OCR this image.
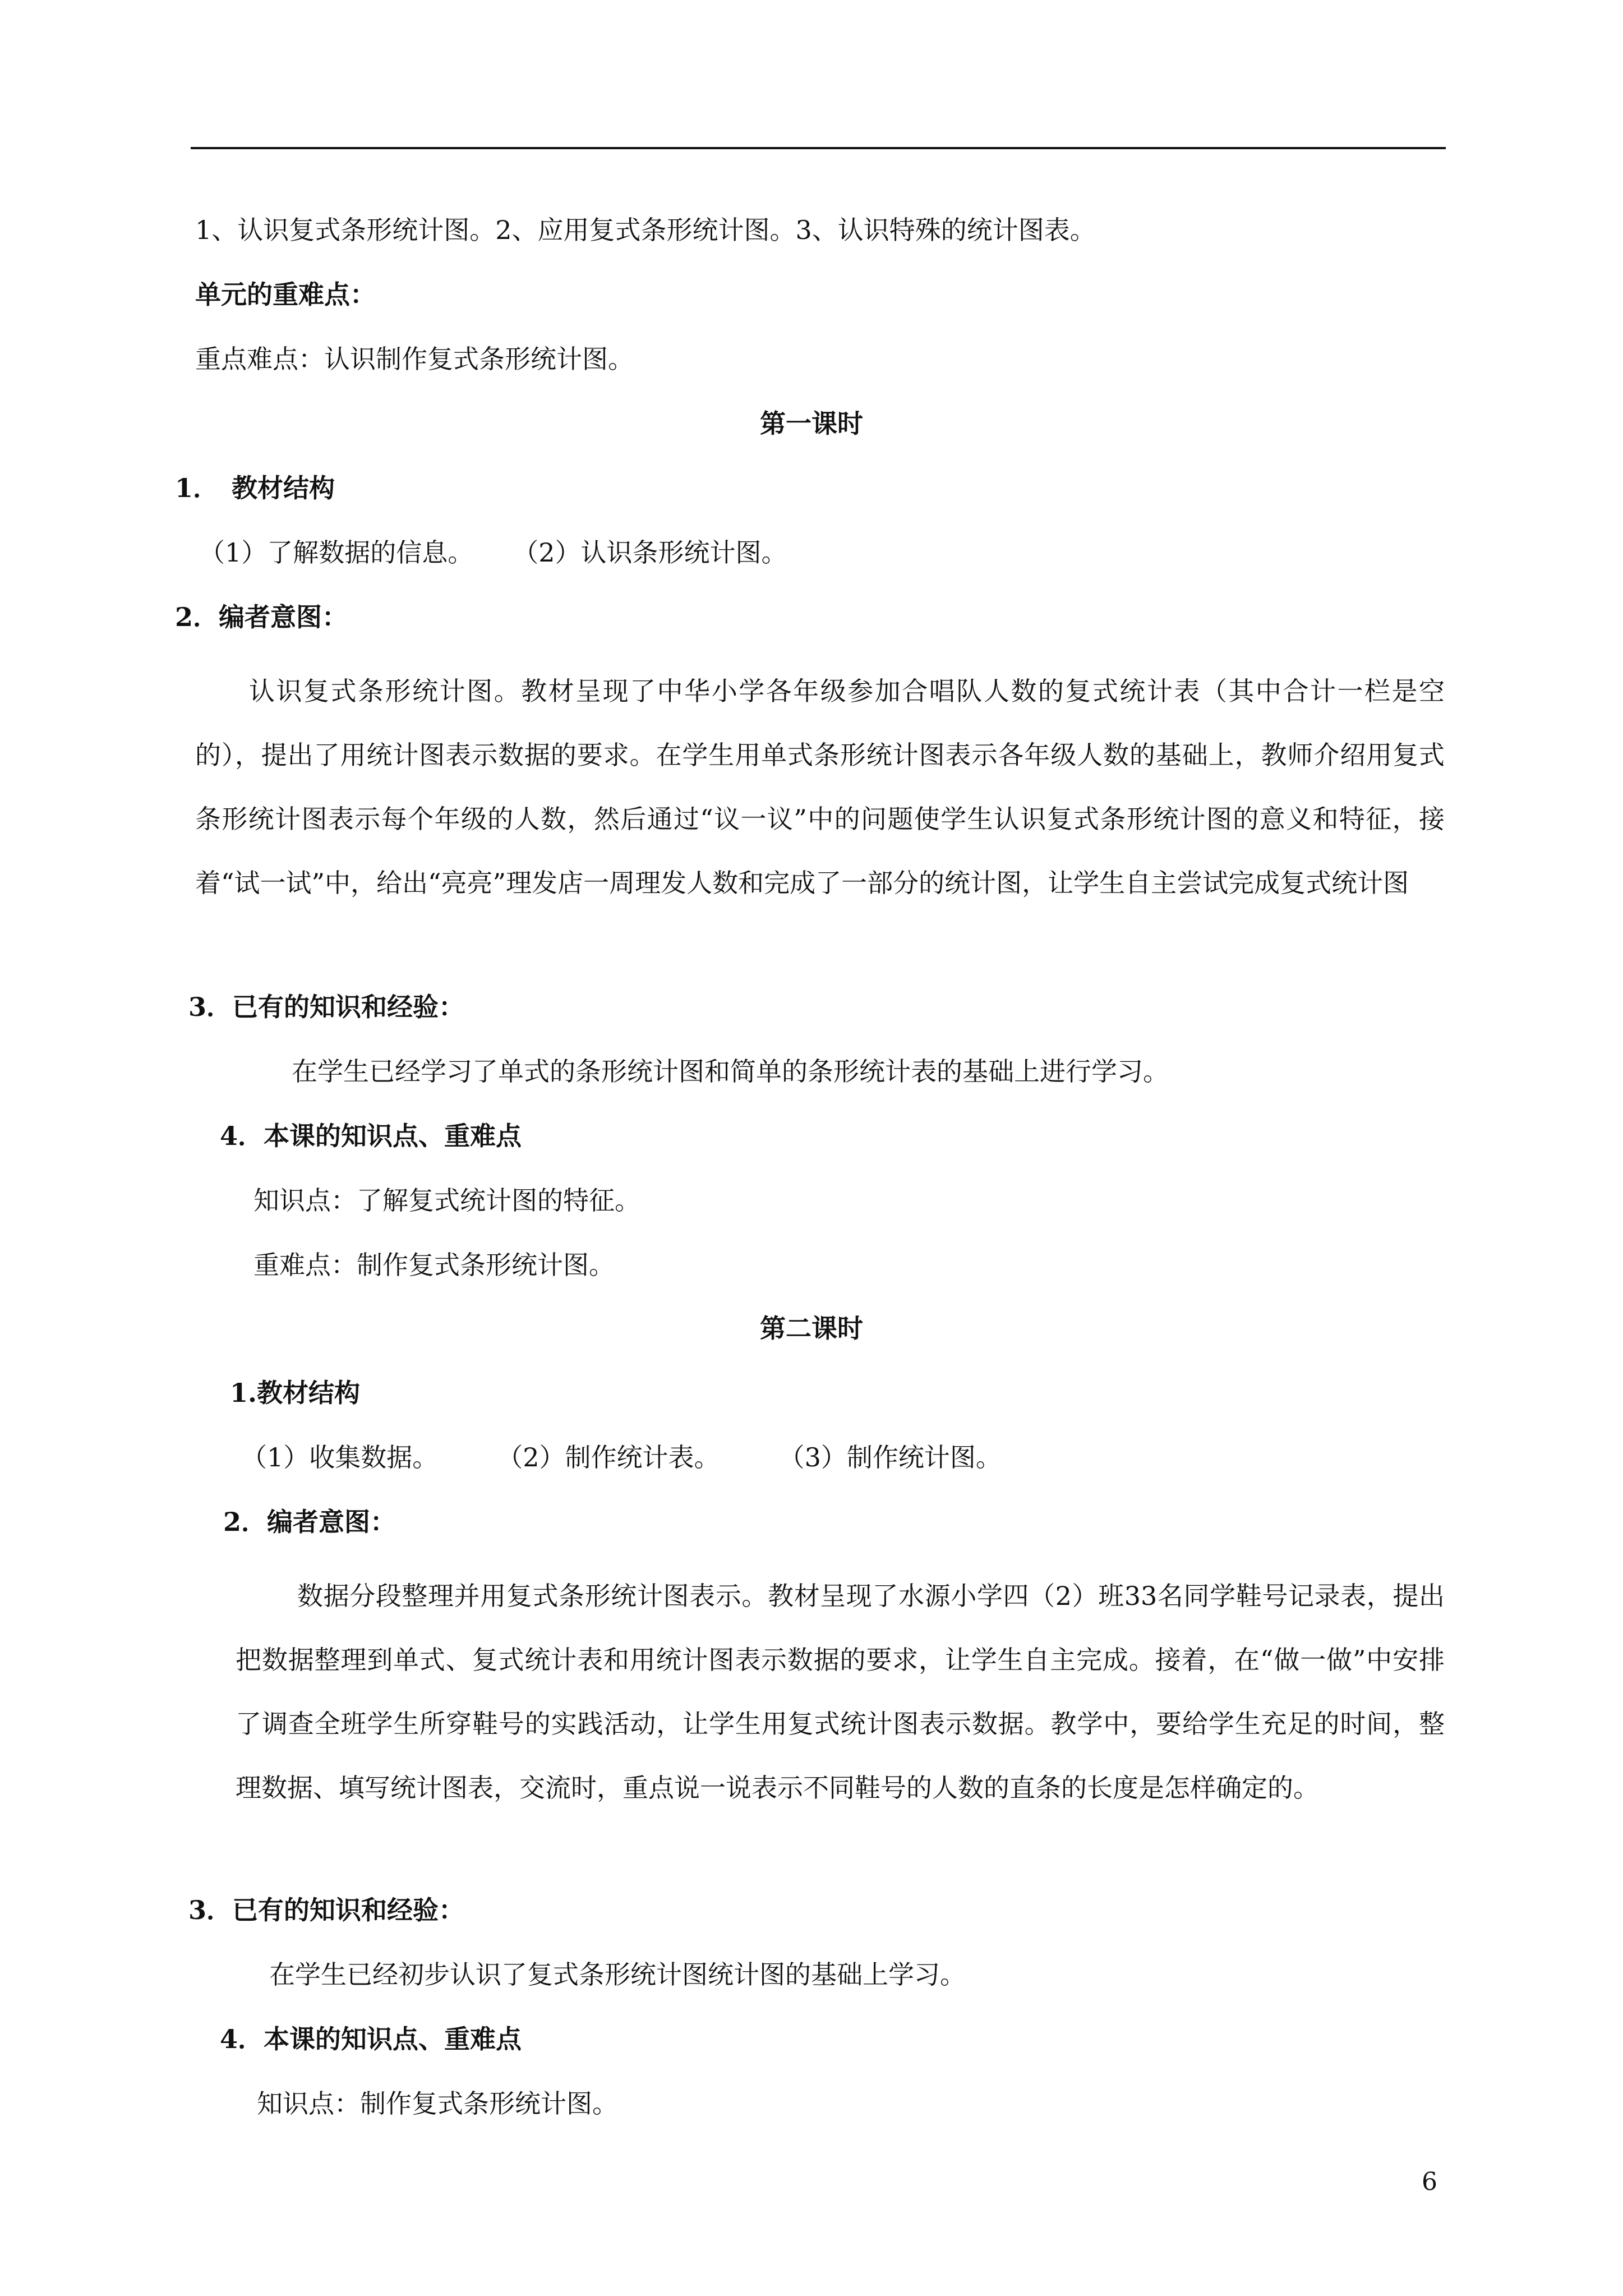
1、认识复式条形统计图。2、应用复式条形统计图。3、认识特殊的统计图表。
单元的重难点：
重点难点：认识制作复式条形统计图。
第一课时
1．　教材结构
（1）了解数据的信息。 （2）认识条形统计图。
2．编者意图：
认识复式条形统计图。教材呈现了中华小学各年级参加合唱队人数的复式统计表（其中合计一栏是空的），提出了用统计图表示数据的要求。在学生用单式条形统计图表示各年级人数的基础上，教师介绍用复式条形统计图表示每个年级的人数，然后通过“议一议”中的问题使学生认识复式条形统计图的意义和特征，接着“试一试”中，给出“亮亮”理发店一周理发人数和完成了一部分的统计图，让学生自主尝试完成复式统计图
3．已有的知识和经验：
在学生已经学习了单式的条形统计图和简单的条形统计表的基础上进行学习。
4．本课的知识点、重难点
知识点：了解复式统计图的特征。
重难点：制作复式条形统计图。
第二课时
1.教材结构
（1）收集数据。 （2）制作统计表。 （3）制作统计图。
2．编者意图：
数据分段整理并用复式条形统计图表示。教材呈现了水源小学四（2）班33名同学鞋号记录表，提出把数据整理到单式、复式统计表和用统计图表示数据的要求，让学生自主完成。接着，在“做一做”中安排了调查全班学生所穿鞋号的实践活动，让学生用复式统计图表示数据。教学中，要给学生充足的时间，整理数据、填写统计图表，交流时，重点说一说表示不同鞋号的人数的直条的长度是怎样确定的。
3．已有的知识和经验：
在学生已经初步认识了复式条形统计图统计图的基础上学习。
4．本课的知识点、重难点
知识点：制作复式条形统计图。
6
